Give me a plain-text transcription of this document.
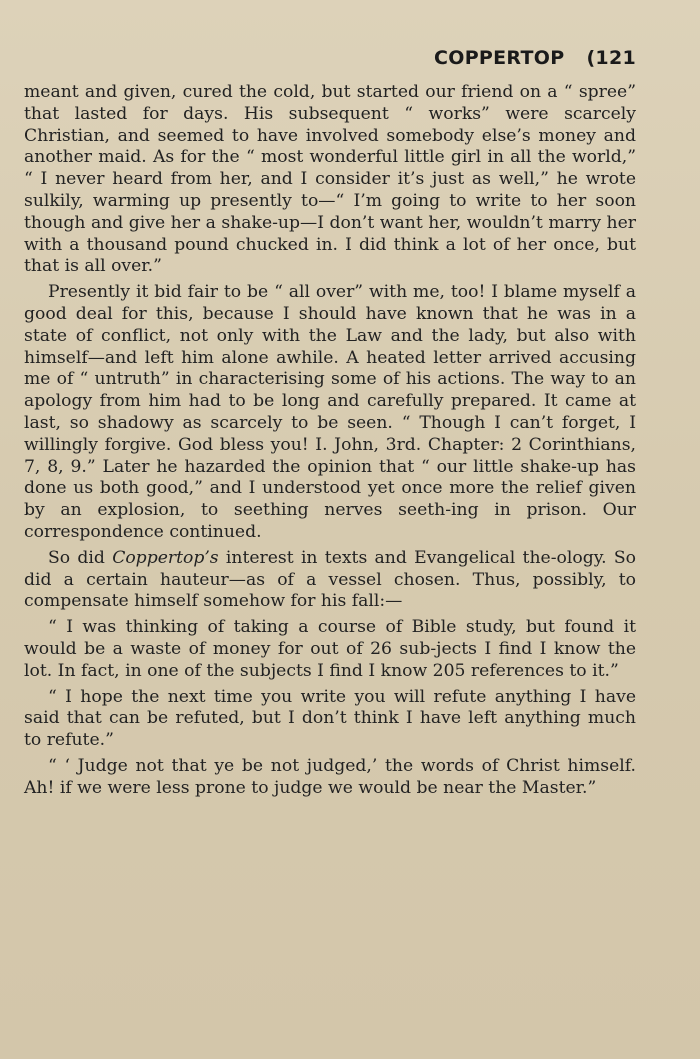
COPPERTOP (121

meant and given, cured the cold, but started our friend on a “ spree” that lasted for days. His subsequent “ works” were scarcely Christian, and seemed to have involved somebody else’s money and another maid. As for the “ most wonderful little girl in all the world,” “ I never heard from her, and I consider it’s just as well,” he wrote sulkily, warming up presently to—“ I’m going to write to her soon though and give her a shake-up—I don’t want her, wouldn’t marry her with a thousand pound chucked in. I did think a lot of her once, but that is all over.”

Presently it bid fair to be “ all over” with me, too! I blame myself a good deal for this, because I should have known that he was in a state of conflict, not only with the Law and the lady, but also with himself—and left him alone awhile. A heated letter arrived accusing me of “ untruth” in characterising some of his actions. The way to an apology from him had to be long and carefully prepared. It came at last, so shadowy as scarcely to be seen. “ Though I can’t forget, I willingly forgive. God bless you! I. John, 3rd. Chapter: 2 Corinthians, 7, 8, 9.” Later he hazarded the opinion that “ our little shake-up has done us both good,” and I understood yet once more the relief given by an explosion, to seething nerves seeth-ing in prison. Our correspondence continued.

So did Coppertop’s interest in texts and Evangelical the-ology. So did a certain hauteur—as of a vessel chosen. Thus, possibly, to compensate himself somehow for his fall:—

“ I was thinking of taking a course of Bible study, but found it would be a waste of money for out of 26 sub-jects I find I know the lot. In fact, in one of the subjects I find I know 205 references to it.”

“ I hope the next time you write you will refute anything I have said that can be refuted, but I don’t think I have left anything much to refute.”

“ ‘ Judge not that ye be not judged,’ the words of Christ himself. Ah! if we were less prone to judge we would be near the Master.”
